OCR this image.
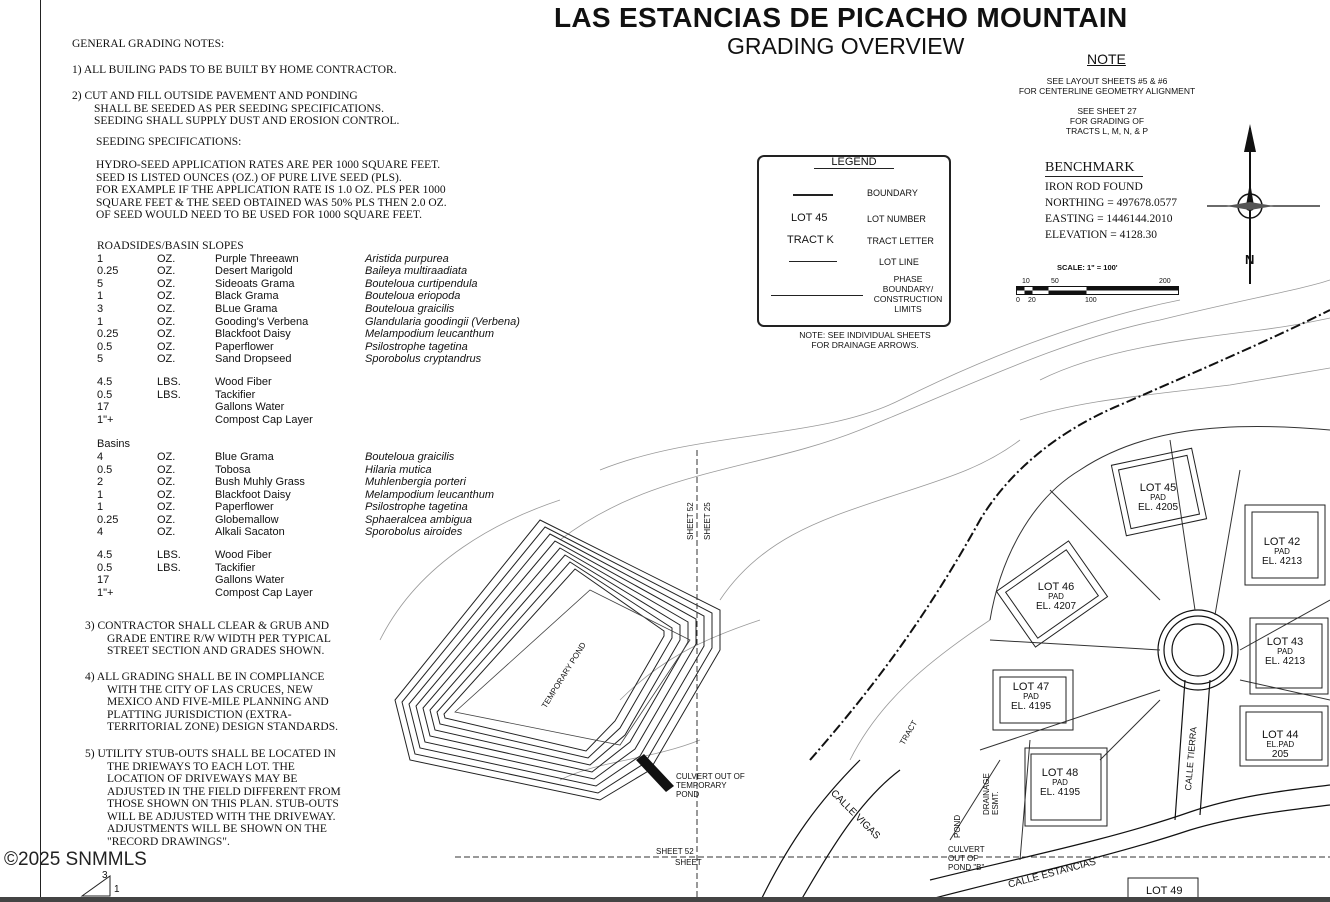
LAS ESTANCIAS DE PICACHO MOUNTAIN
GRADING OVERVIEW
GENERAL GRADING NOTES:
1) ALL BUILING PADS TO BE BUILT BY HOME CONTRACTOR.
2) CUT AND FILL OUTSIDE PAVEMENT AND PONDING
SHALL BE SEEDED AS PER SEEDING SPECIFICATIONS.
SEEDING SHALL SUPPLY DUST AND EROSION CONTROL.
SEEDING SPECIFICATIONS:
HYDRO-SEED APPLICATION RATES ARE PER 1000 SQUARE FEET.
SEED IS LISTED OUNCES (OZ.) OF PURE LIVE SEED (PLS).
FOR EXAMPLE IF THE APPLICATION RATE IS 1.0 OZ. PLS PER 1000
SQUARE FEET & THE SEED OBTAINED WAS 50% PLS THEN 2.0 OZ.
OF SEED WOULD NEED TO BE USED FOR 1000 SQUARE FEET.
ROADSIDES/BASIN SLOPES
1	OZ.	Purple Threeawn	Aristida purpurea
0.25	OZ.	Desert Marigold	Baileya multiraadiata
5	OZ.	Sideoats Grama	Bouteloua curtipendula
1	OZ.	Black Grama	Bouteloua eriopoda
3	OZ.	BLue Grama	Bouteloua graicilis
1	OZ.	Gooding's Verbena	Glandularia goodingii (Verbena)
0.25	OZ.	Blackfoot Daisy	Melampodium leucanthum
0.5	OZ.	Paperflower	Psilostrophe tagetina
5	OZ.	Sand Dropseed	Sporobolus cryptandrus
4.5	LBS.	Wood Fiber
0.5	LBS.	Tackifier
17	Gallons Water
1"+	Compost Cap Layer
Basins
4	OZ.	Blue Grama	Bouteloua graicilis
0.5	OZ.	Tobosa	Hilaria mutica
2	OZ.	Bush Muhly Grass	Muhlenbergia porteri
1	OZ.	Blackfoot Daisy	Melampodium leucanthum
1	OZ.	Paperflower	Psilostrophe tagetina
0.25	OZ.	Globemallow	Sphaeralcea ambigua
4	OZ.	Alkali Sacaton	Sporobolus airoides
4.5	LBS.	Wood Fiber
0.5	LBS.	Tackifier
17	Gallons Water
1"+	Compost Cap Layer
3) CONTRACTOR SHALL CLEAR & GRUB AND
GRADE ENTIRE R/W WIDTH PER TYPICAL
STREET SECTION AND GRADES SHOWN.
4) ALL GRADING SHALL BE IN COMPLIANCE
WITH THE CITY OF LAS CRUCES, NEW
MEXICO AND FIVE-MILE PLANNING AND
PLATTING JURISDICTION (EXTRA-
TERRITORIAL ZONE) DESIGN STANDARDS.
5) UTILITY STUB-OUTS SHALL BE LOCATED IN
THE DRIEWAYS TO EACH LOT. THE
LOCATION OF DRIVEWAYS MAY BE
ADJUSTED IN THE FIELD DIFFERENT FROM
THOSE SHOWN ON THIS PLAN. STUB-OUTS
WILL BE ADJUSTED WITH THE DRIVEWAY.
ADJUSTMENTS WILL BE SHOWN ON THE
"RECORD DRAWINGS".
NOTE
SEE LAYOUT SHEETS #5 & #6
FOR CENTERLINE GEOMETRY ALIGNMENT
SEE SHEET 27
FOR GRADING OF
TRACTS L, M, N, & P
BENCHMARK
IRON ROD FOUND
NORTHING = 497678.0577
EASTING = 1446144.2010
ELEVATION = 4128.30
LEGEND
BOUNDARY
LOT 45	LOT NUMBER
TRACT K	TRACT LETTER
LOT LINE
PHASE
BOUNDARY/
CONSTRUCTION
LIMITS
NOTE: SEE INDIVIDUAL SHEETS
FOR DRAINAGE ARROWS.
SCALE: 1" = 100'
10	50	200
0 20	100
N
LOT 45
PAD
EL. 4205
LOT 42
PAD
EL. 4213
LOT 46
PAD
EL. 4207
LOT 43
PAD
EL. 4213
LOT 47
PAD
EL. 4195
LOT 44
EL.PAD
205
LOT 48
PAD
EL. 4195
LOT 49
TEMPORARY POND
CULVERT OUT OF
TEMPORARY
POND
SHEET 52 SHEET 25
SHEET 52
SHEET
CALLE VIGAS
CALLE ESTANCIAS
CALLE TIERRA
TRACT
DRAINAGE ESMT.
POND
CULVERT
OUT OF
POND "B"
3
1
©2025 SNMMLS
